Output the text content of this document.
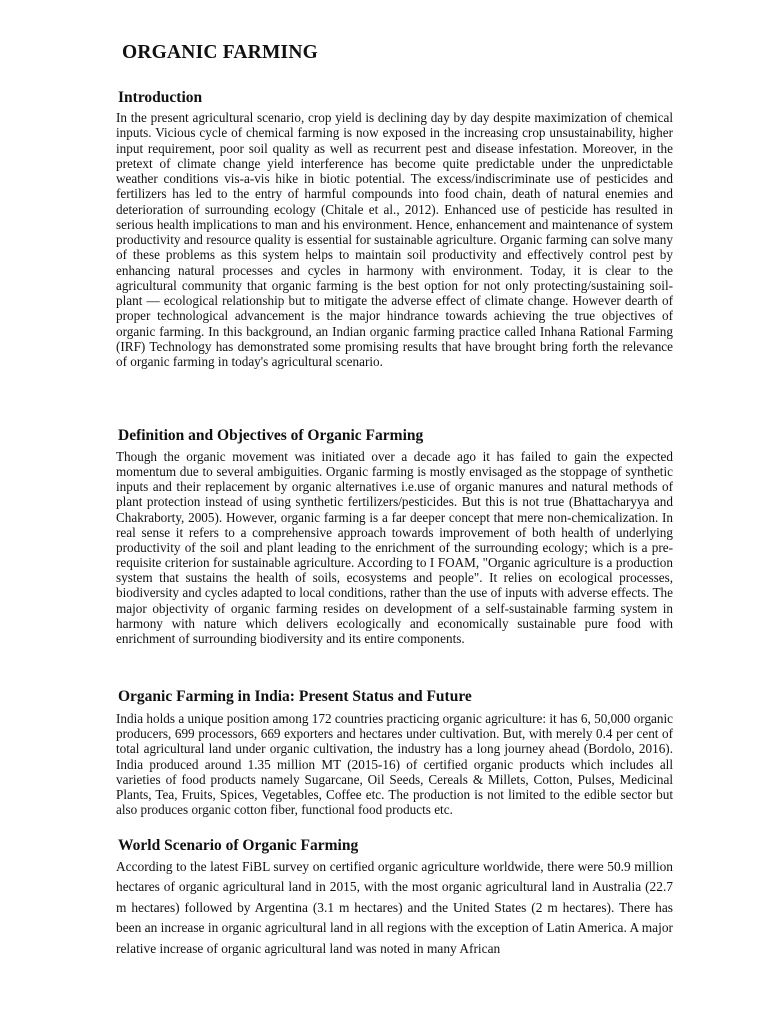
ORGANIC FARMING
Introduction

In the present agricultural scenario, crop yield is declining day by day despite maximization of chemical inputs. Vicious cycle of chemical farming is now exposed in the increasing crop unsustainability, higher input requirement, poor soil quality as well as recurrent pest and disease infestation. Moreover, in the pretext of climate change yield interference has become quite predictable under the unpredictable weather conditions vis-a-vis hike in biotic potential. The excess/indiscriminate use of pesticides and fertilizers has led to the entry of harmful compounds into food chain, death of natural enemies and deterioration of surrounding ecology (Chitale et al., 2012). Enhanced use of pesticide has resulted in serious health implications to man and his environment. Hence, enhancement and maintenance of system productivity and resource quality is essential for sustainable agriculture. Organic farming can solve many of these problems as this system helps to maintain soil productivity and effectively control pest by enhancing natural processes and cycles in harmony with environment. Today, it is clear to the agricultural community that organic farming is the best option for not only protecting/sustaining soil-plant — ecological relationship but to mitigate the adverse effect of climate change. However dearth of proper technological advancement is the major hindrance towards achieving the true objectives of organic farming. In this background, an Indian organic farming practice called Inhana Rational Farming (IRF) Technology has demonstrated some promising results that have brought bring forth the relevance of organic farming in today's agricultural scenario.

Definition and Objectives of Organic Farming

Though the organic movement was initiated over a decade ago it has failed to gain the expected momentum due to several ambiguities. Organic farming is mostly envisaged as the stoppage of synthetic inputs and their replacement by organic alternatives i.e.use of organic manures and natural methods of plant protection instead of using synthetic fertilizers/pesticides. But this is not true (Bhattacharyya and Chakraborty, 2005). However, organic farming is a far deeper concept that mere non-chemicalization. In real sense it refers to a comprehensive approach towards improvement of both health of underlying productivity of the soil and plant leading to the enrichment of the surrounding ecology; which is a pre-requisite criterion for sustainable agriculture. According to I FOAM, "Organic agriculture is a production system that sustains the health of soils, ecosystems and people". It relies on ecological processes, biodiversity and cycles adapted to local conditions, rather than the use of inputs with adverse effects. The major objectivity of organic farming resides on development of a self-sustainable farming system in harmony with nature which delivers ecologically and economically sustainable pure food with enrichment of surrounding biodiversity and its entire components.

Organic Farming in India: Present Status and Future

India holds a unique position among 172 countries practicing organic agriculture: it has 6, 50,000 organic producers, 699 processors, 669 exporters and hectares under cultivation. But, with merely 0.4 per cent of total agricultural land under organic cultivation, the industry has a long journey ahead (Bordolo, 2016). India produced around 1.35 million MT (2015-16) of certified organic products which includes all varieties of food products namely Sugarcane, Oil Seeds, Cereals & Millets, Cotton, Pulses, Medicinal Plants, Tea, Fruits, Spices, Vegetables, Coffee etc. The production is not limited to the edible sector but also produces organic cotton fiber, functional food products etc.

World Scenario of Organic Farming

According to the latest FiBL survey on certified organic agriculture worldwide, there were 50.9 million hectares of organic agricultural land in 2015, with the most organic agricultural land in Australia (22.7 m hectares) followed by Argentina (3.1 m hectares) and the United States (2 m hectares). There has been an increase in organic agricultural land in all regions with the exception of Latin America. A major relative increase of organic agricultural land was noted in many African
